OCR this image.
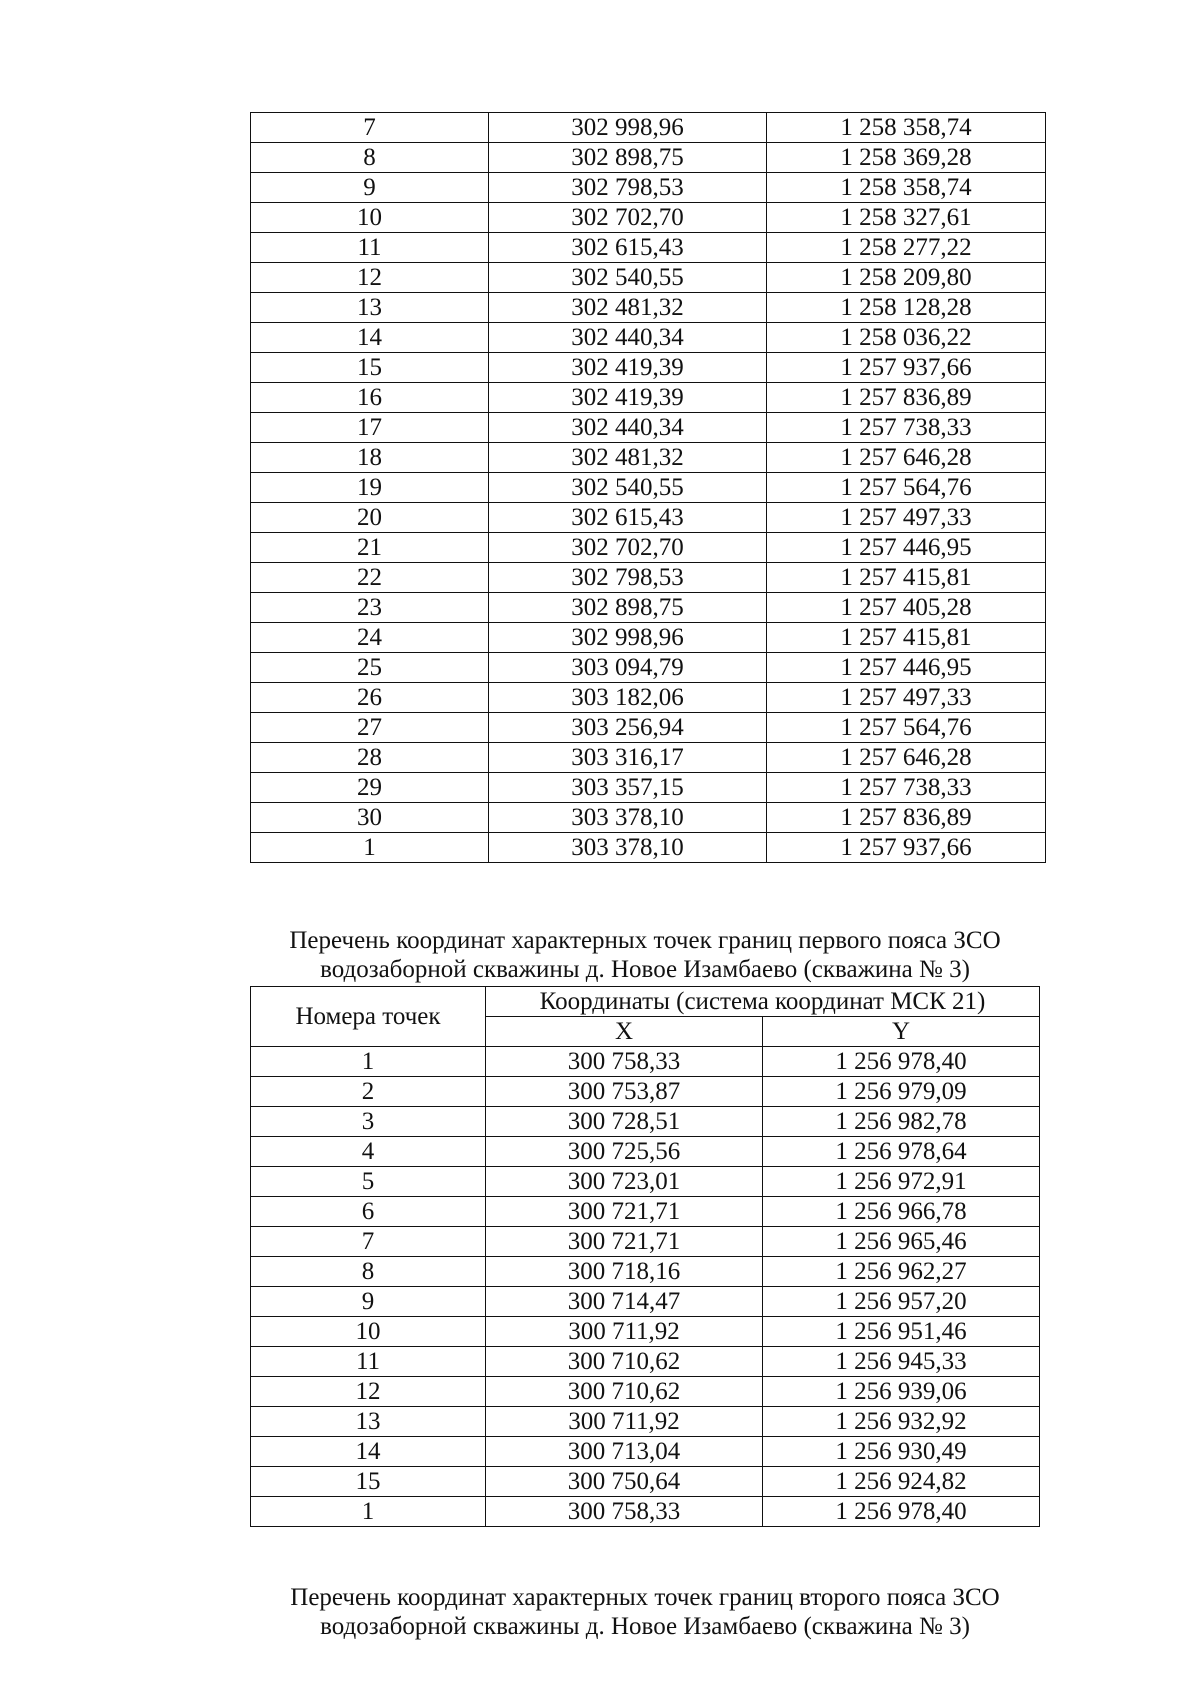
7	302 998,96	1 258 358,74
8	302 898,75	1 258 369,28
9	302 798,53	1 258 358,74
10	302 702,70	1 258 327,61
11	302 615,43	1 258 277,22
12	302 540,55	1 258 209,80
13	302 481,32	1 258 128,28
14	302 440,34	1 258 036,22
15	302 419,39	1 257 937,66
16	302 419,39	1 257 836,89
17	302 440,34	1 257 738,33
18	302 481,32	1 257 646,28
19	302 540,55	1 257 564,76
20	302 615,43	1 257 497,33
21	302 702,70	1 257 446,95
22	302 798,53	1 257 415,81
23	302 898,75	1 257 405,28
24	302 998,96	1 257 415,81
25	303 094,79	1 257 446,95
26	303 182,06	1 257 497,33
27	303 256,94	1 257 564,76
28	303 316,17	1 257 646,28
29	303 357,15	1 257 738,33
30	303 378,10	1 257 836,89
1	303 378,10	1 257 937,66
Перечень координат характерных точек границ первого пояса ЗСО
водозаборной скважины д. Новое Изамбаево (скважина № 3)
Номера точек	Координаты (система координат МСК 21)	
	X	Y
1	300 758,33	1 256 978,40
2	300 753,87	1 256 979,09
3	300 728,51	1 256 982,78
4	300 725,56	1 256 978,64
5	300 723,01	1 256 972,91
6	300 721,71	1 256 966,78
7	300 721,71	1 256 965,46
8	300 718,16	1 256 962,27
9	300 714,47	1 256 957,20
10	300 711,92	1 256 951,46
11	300 710,62	1 256 945,33
12	300 710,62	1 256 939,06
13	300 711,92	1 256 932,92
14	300 713,04	1 256 930,49
15	300 750,64	1 256 924,82
1	300 758,33	1 256 978,40
Перечень координат характерных точек границ второго пояса ЗСО
водозаборной скважины д. Новое Изамбаево (скважина № 3)
